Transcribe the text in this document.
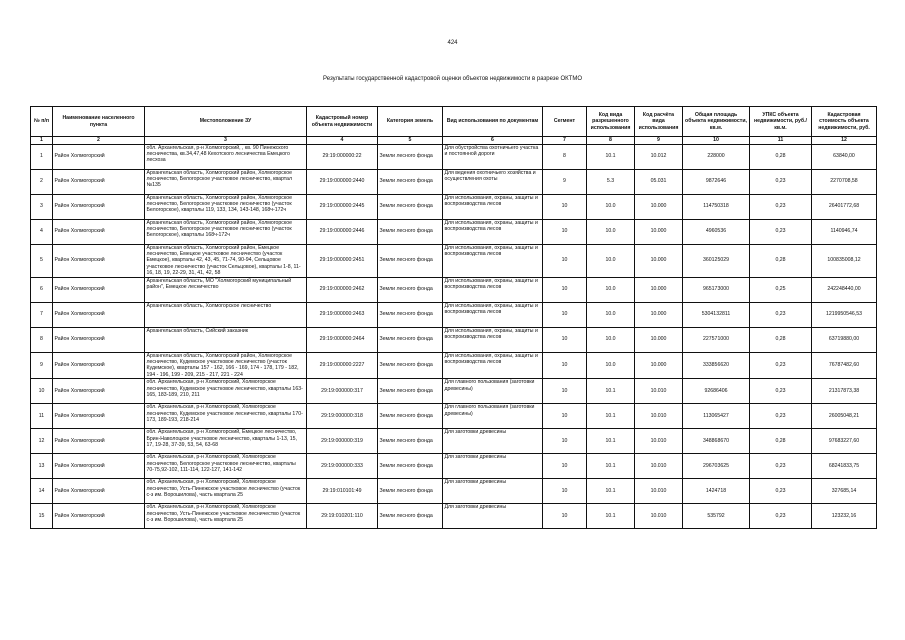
424
Результаты государственной кадастровой оценки объектов недвижимости в разрезе ОКТМО
№ п/п	Наименование населенного пункта	Местоположение ЗУ	Кадастровый номер объекта недвижимости	Категория земель	Вид использования по документам	Сегмент	Код вида разрешенного использования	Код расчёта вида использования	Общая площадь объекта недвижимости, кв.м.	УПКС объекта недвижимости, руб./кв.м.	Кадастровая стоимость объекта недвижимости, руб.
1	2	3	4	5	6	7	8	9	10	11	12
1	Район Холмогорский	обл. Архангельская, р-н Холмогорский, , кв. 90 Пинежского лесничества, кв.34,47,48 Кехотского лесничества Емецкого лесхоза	29:19:000000:22	Земли лесного фонда	Для обустройства охотничьего участка и постоянной дороги	8	10.1	10.012	228000	0,28	63840,00
2	Район Холмогорский	Архангельская область, Холмогорский район, Холмогорское лесничество, Белогорское участковое лесничество, квартал №135	29:19:000000:2440	Земли лесного фонда	Для ведения охотничьего хозяйства и осуществления охоты	9	5.3	05.031	9872646	0,23	2270708,58
3	Район Холмогорский	Архангельская область, Холмогорский район, Холмогорское лесничество, Белогорское участковое лесничество (участок Белогорское), кварталы 119, 133, 134, 143-148, 168ч-172ч	29:19:000000:2445	Земли лесного фонда	Для использования, охраны, защиты и воспроизводства лесов	10	10.0	10.000	114750318	0,23	26401772,68
4	Район Холмогорский	Архангельская область, Холмогорский район, Холмогорское лесничество, Белогорское участковое лесничество (участок Белогорское), кварталы 168ч-172ч	29:19:000000:2446	Земли лесного фонда	Для использования, охраны, защиты и воспроизводства лесов	10	10.0	10.000	4960536	0,23	1140946,74
5	Район Холмогорский	Архангельская область, Холмогорский район, Емецкое лесничество, Емецкое участковое лесничество (участок Емецкое), кварталы 42, 43, 45, 71-74, 90-94, Сельцовое участковое лесничество (участок Сельцовое), кварталы 1-8, 11-16, 18, 19, 22-29, 31, 41, 42, 58	29:19:000000:2451	Земли лесного фонда	Для использования, охраны, защиты и воспроизводства лесов	10	10.0	10.000	360125029	0,28	100835008,12
6	Район Холмогорский	Архангельская область, МО "Холмогорский муниципальный район", Емецкое лесничество	29:19:000000:2462	Земли лесного фонда	Для использования, охраны, защиты и воспроизводства лесов	10	10.0	10.000	965173000	0,25	242248440,00
7	Район Холмогорский	Архангельская область, Холмогорское лесничество	29:19:000000:2463	Земли лесного фонда	Для использования, охраны, защиты и воспроизводства лесов	10	10.0	10.000	5304132811	0,23	1219950546,53
8	Район Холмогорский	Архангельская область, Сийский заказник	29:19:000000:2464	Земли лесного фонда	Для использования, охраны, защиты и воспроизводства лесов	10	10.0	10.000	227571000	0,28	63719880,00
9	Район Холмогорский	Архангельская область, Холмогорский район, Холмогорское лесничество, Кудемское участковое лесничество (участок Кудемское), кварталы 157 - 162, 166 - 169, 174 - 178, 179 - 182, 194 - 196, 199 - 209, 215 - 217, 221 - 224	29:19:000000:2227	Земли лесного фонда	Для использования, охраны, защиты и воспроизводства лесов	10	10.0	10.000	333856620	0,23	76787482,60
10	Район Холмогорский	обл. Архангельская, р-н Холмогорский, Холмогорское лесничество, Кудемское участковое лесничество, кварталы 163-165, 183-189, 210, 211	29:19:000000:317	Земли лесного фонда	Для главного пользования (заготовки древесины)	10	10.1	10.010	92686406	0,23	21317873,38
11	Район Холмогорский	обл. Архангельская, р-н Холмогорский, Холмогорское лесничество, Кудемское участковое лесничество, кварталы 170-173, 189-193, 218-214	29:19:000000:318	Земли лесного фонда	Для главного пользования (заготовки древесины)	10	10.1	10.010	113065427	0,23	26005048,21
12	Район Холмогорский	обл. Архангельская, р-н Холмогорский, Емецкое лесничество, Брин-Наволоцкое участковое лесничество, кварталы 1-13, 15, 17, 19-28, 37-39, 53, 54, 63-68	29:19:000000:319	Земли лесного фонда	Для заготовки древесины	10	10.1	10.010	348868670	0,28	97683227,60
13	Район Холмогорский	обл. Архангельская, р-н Холмогорский, Холмогорское лесничество, Белогорское участковое лесничество, кварталы 70-75,92-102, 111-114, 122-127, 141-142	29:19:000000:333	Земли лесного фонда	Для заготовки древесины	10	10.1	10.010	296703625	0,23	68241833,75
14	Район Холмогорский	обл. Архангельская, р-н Холмогорский, Холмогорское лесничество, Усть-Пинежское участковое лесничество (участок с-з им. Ворошилова), часть квартала 25	29:19:010101:49	Земли лесного фонда	Для заготовки древесины	10	10.1	10.010	1424718	0,23	327685,14
15	Район Холмогорский	обл. Архангельская, р-н Холмогорский, Холмогорское лесничество, Усть-Пинежское участковое лесничество (участок с-з им. Ворошилова), часть квартала 25	29:19:010201:110	Земли лесного фонда	Для заготовки древесины	10	10.1	10.010	535792	0,23	123232,16
